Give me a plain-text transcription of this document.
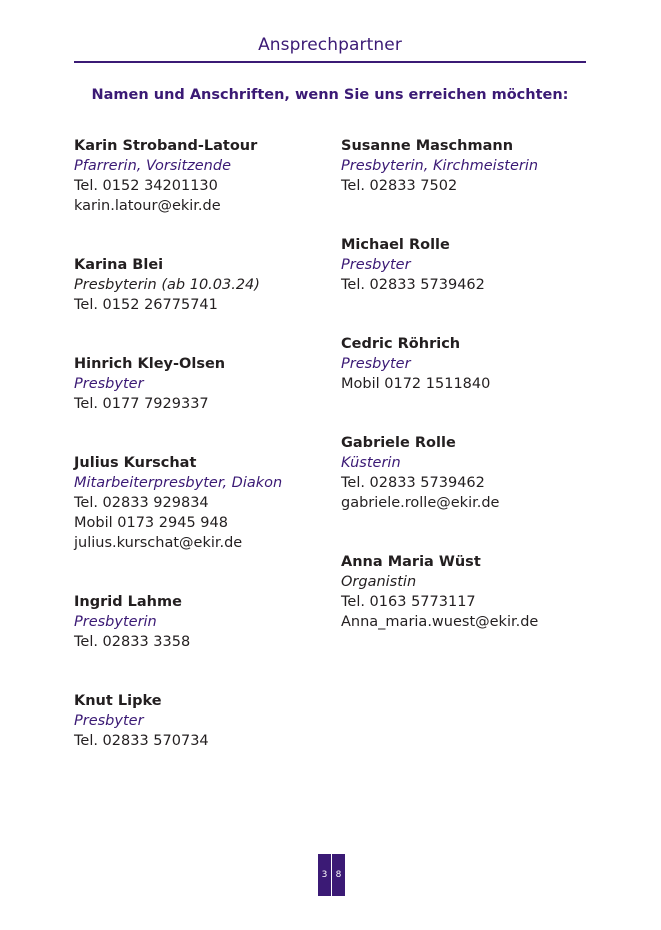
Ansprechpartner
Namen und Anschriften, wenn Sie uns erreichen möchten:
Karin Stroband-Latour
Pfarrerin, Vorsitzende
Tel. 0152 34201130
karin.latour@ekir.de
Karina Blei
Presbyterin (ab 10.03.24)
Tel. 0152 26775741
Hinrich Kley-Olsen
Presbyter
Tel. 0177 7929337
Julius Kurschat
Mitarbeiterpresbyter, Diakon
Tel. 02833 929834
Mobil 0173 2945 948
julius.kurschat@ekir.de
Ingrid Lahme
Presbyterin
Tel. 02833 3358
Knut Lipke
Presbyter
Tel. 02833 570734
Susanne Maschmann
Presbyterin, Kirchmeisterin
Tel. 02833 7502
Michael Rolle
Presbyter
Tel. 02833 5739462
Cedric Röhrich
Presbyter
Mobil 0172 1511840
Gabriele Rolle
Küsterin
Tel. 02833 5739462
gabriele.rolle@ekir.de
Anna Maria Wüst
Organistin
Tel. 0163 5773117
Anna_maria.wuest@ekir.de
3 8
